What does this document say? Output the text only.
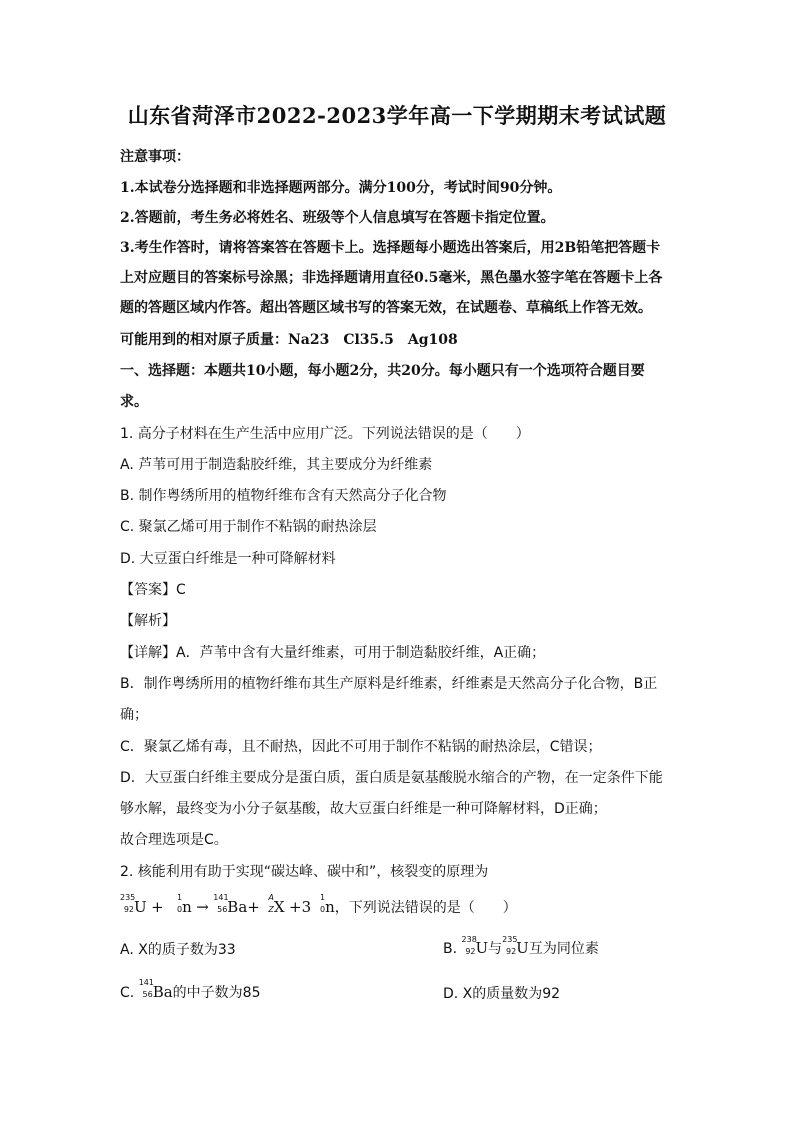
山东省菏泽市2022-2023学年高一下学期期末考试试题
注意事项：
1.本试卷分选择题和非选择题两部分。满分100分，考试时间90分钟。
2.答题前，考生务必将姓名、班级等个人信息填写在答题卡指定位置。
3.考生作答时，请将答案答在答题卡上。选择题每小题选出答案后，用2B铅笔把答题卡
上对应题目的答案标号涂黑；非选择题请用直径0.5毫米，黑色墨水签字笔在答题卡上各
题的答题区域内作答。超出答题区域书写的答案无效，在试题卷、草稿纸上作答无效。
可能用到的相对原子质量：Na23　Cl35.5　Ag108
一、选择题：本题共10小题，每小题2分，共20分。每小题只有一个选项符合题目要
求。
1. 高分子材料在生产生活中应用广泛。下列说法错误的是（　　）
A. 芦苇可用于制造黏胶纤维，其主要成分为纤维素
B. 制作粤绣所用的植物纤维布含有天然高分子化合物
C. 聚氯乙烯可用于制作不粘锅的耐热涂层
D. 大豆蛋白纤维是一种可降解材料
【答案】C
【解析】
【详解】A．芦苇中含有大量纤维素，可用于制造黏胶纤维，A正确；
B．制作粤绣所用的植物纤维布其生产原料是纤维素，纤维素是天然高分子化合物，B正
确；
C．聚氯乙烯有毒，且不耐热，因此不可用于制作不粘锅的耐热涂层，C错误；
D．大豆蛋白纤维主要成分是蛋白质，蛋白质是氨基酸脱水缩合的产物，在一定条件下能
够水解，最终变为小分子氨基酸，故大豆蛋白纤维是一种可降解材料，D正确；
故合理选项是C。
2. 核能利用有助于实现“碳达峰、碳中和”，核裂变的原理为
235
92 U +
1
0 n →
141
56 Ba+
A
Z X +3
1
0 n，下列说法错误的是（　　）
A. X的质子数为33	B.
238
92 U与
235
92 U互为同位素
C.
141
56 Ba的中子数为85	D. X的质量数为92
